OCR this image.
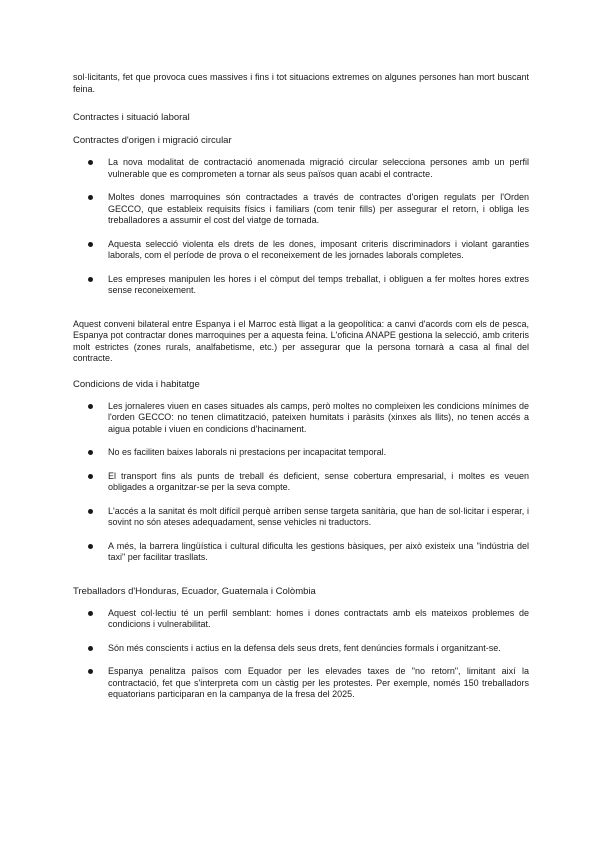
sol·licitants, fet que provoca cues massives i fins i tot situacions extremes on algunes persones han mort buscant feina.

Contractes i situació laboral

Contractes d'origen i migració circular

La nova modalitat de contractació anomenada migració circular selecciona persones amb un perfil vulnerable que es comprometen a tornar als seus països quan acabi el contracte.
Moltes dones marroquines són contractades a través de contractes d'origen regulats per l'Orden GECCO, que estableix requisits físics i familiars (com tenir fills) per assegurar el retorn, i obliga les treballadores a assumir el cost del viatge de tornada.
Aquesta selecció violenta els drets de les dones, imposant criteris discriminadors i violant garanties laborals, com el període de prova o el reconeixement de les jornades laborals completes.
Les empreses manipulen les hores i el còmput del temps treballat, i obliguen a fer moltes hores extres sense reconeixement.

Aquest conveni bilateral entre Espanya i el Marroc està lligat a la geopolítica: a canvi d'acords com els de pesca, Espanya pot contractar dones marroquines per a aquesta feina. L'oficina ANAPE gestiona la selecció, amb criteris molt estrictes (zones rurals, analfabetisme, etc.) per assegurar que la persona tornarà a casa al final del contracte.

Condicions de vida i habitatge

Les jornaleres viuen en cases situades als camps, però moltes no compleixen les condicions mínimes de l'orden GECCO: no tenen climatització, pateixen humitats i paràsits (xinxes als llits), no tenen accés a aigua potable i viuen en condicions d'hacinament.
No es faciliten baixes laborals ni prestacions per incapacitat temporal.
El transport fins als punts de treball és deficient, sense cobertura empresarial, i moltes es veuen obligades a organitzar-se per la seva compte.
L'accés a la sanitat és molt difícil perquè arriben sense targeta sanitària, que han de sol·licitar i esperar, i sovint no són ateses adequadament, sense vehicles ni traductors.
A més, la barrera lingüística i cultural dificulta les gestions bàsiques, per això existeix una "indústria del taxi" per facilitar trasllats.

Treballadors d'Honduras, Ecuador, Guatemala i Colòmbia

Aquest col·lectiu té un perfil semblant: homes i dones contractats amb els mateixos problemes de condicions i vulnerabilitat.
Són més conscients i actius en la defensa dels seus drets, fent denúncies formals i organitzant-se.
Espanya penalitza països com Equador per les elevades taxes de "no retorn", limitant així la contractació, fet que s'interpreta com un càstig per les protestes. Per exemple, només 150 treballadors equatorians participaran en la campanya de la fresa del 2025.
